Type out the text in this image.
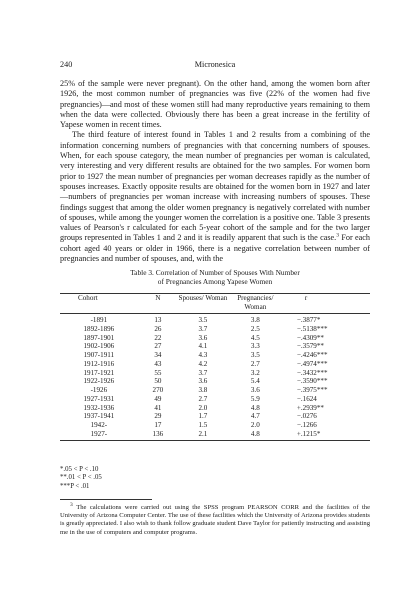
240	Micronesica

25% of the sample were never pregnant). On the other hand, among the women born after 1926, the most common number of pregnancies was five (22% of the women had five pregnancies)—and most of these women still had many reproductive years remaining to them when the data were collected. Obviously there has been a great increase in the fertility of Yapese women in recent times.

The third feature of interest found in Tables 1 and 2 results from a combining of the information concerning numbers of pregnancies with that concerning numbers of spouses. When, for each spouse category, the mean number of pregnancies per woman is calculated, very interesting and very different results are obtained for the two samples. For women born prior to 1927 the mean number of pregnancies per woman decreases rapidly as the number of spouses increases. Exactly opposite results are obtained for the women born in 1927 and later—numbers of pregnancies per woman increase with increasing numbers of spouses. These findings suggest that among the older women pregnancy is negatively correlated with number of spouses, while among the younger women the correlation is a positive one. Table 3 presents values of Pearson's r calculated for each 5-year cohort of the sample and for the two larger groups represented in Tables 1 and 2 and it is readily apparent that such is the case.$^3$ For each cohort aged 40 years or older in 1966, there is a negative correlation between number of pregnancies and number of spouses, and, with the

Table 3. Correlation of Number of Spouses With Number
of Pregnancies Among Yapese Women
Cohort	N	Spouses/ Woman	Pregnancies/ Woman	r
-1891	13	3.5	3.8	−.3877*
1892-1896	26	3.7	2.5	−.5138***
1897-1901	22	3.6	4.5	−.4309**
1902-1906	27	4.1	3.3	−.3579**
1907-1911	34	4.3	3.5	−.4246***
1912-1916	43	4.2	2.7	−.4974***
1917-1921	55	3.7	3.2	−.3432***
1922-1926	50	3.6	5.4	−.3590***
-1926	270	3.8	3.6	−.3975***
1927-1931	49	2.7	5.9	−.1624
1932-1936	41	2.0	4.8	+.2939**
1937-1941	29	1.7	4.7	−.0276
1942-	17	1.5	2.0	−.1266
1927-	136	2.1	4.8	+.1215*
*.05 < P < .10
**.01 < P < .05
***P < .01

$^3$ The calculations were carried out using the SPSS program PEARSON CORR and the facilities of the University of Arizona Computer Center. The use of these facilities which the University of Arizona provides students is greatly appreciated. I also wish to thank follow graduate student Dave Taylor for patiently instructing and assisting me in the use of computers and computer programs.
